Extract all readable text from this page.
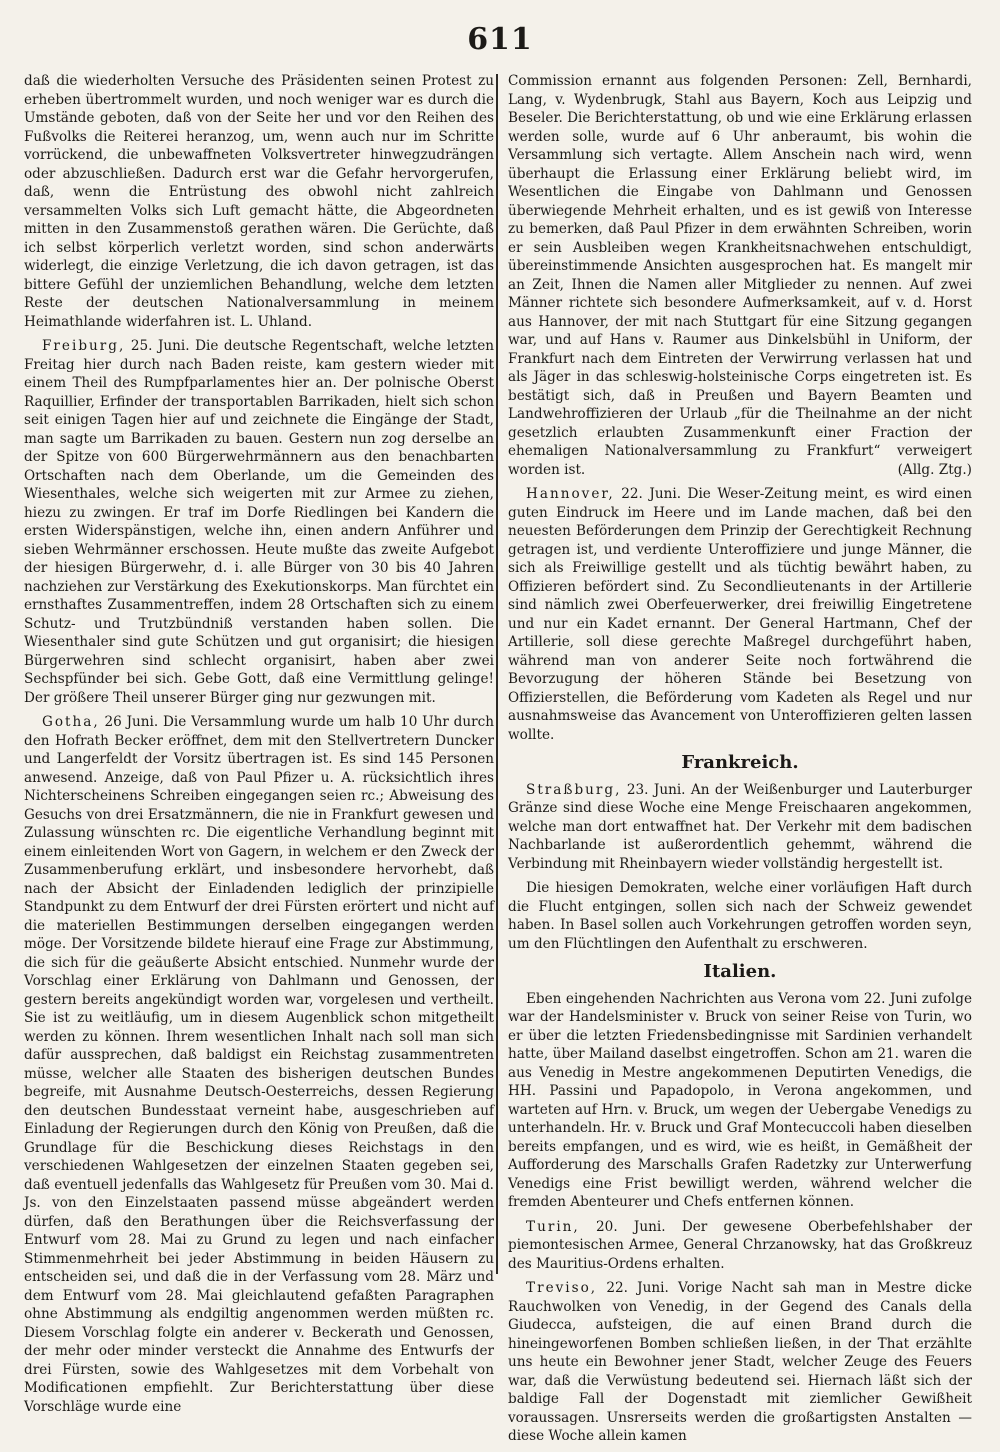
611

daß die wiederholten Versuche des Präsidenten seinen Protest zu erheben übertrommelt wurden, und noch weniger war es durch die Umstände geboten, daß von der Seite her und vor den Reihen des Fußvolks die Reiterei heranzog, um, wenn auch nur im Schritte vorrückend, die unbewaffneten Volksvertreter hinwegzudrängen oder abzuschließen. Dadurch erst war die Gefahr hervorgerufen, daß, wenn die Entrüstung des obwohl nicht zahlreich versammelten Volks sich Luft gemacht hätte, die Abgeordneten mitten in den Zusammenstoß gerathen wären. Die Gerüchte, daß ich selbst körperlich verletzt worden, sind schon anderwärts widerlegt, die einzige Verletzung, die ich davon getragen, ist das bittere Gefühl der unziemlichen Behandlung, welche dem letzten Reste der deutschen Nationalversammlung in meinem Heimathlande widerfahren ist. L. Uhland.

Freiburg, 25. Juni. Die deutsche Regentschaft, welche letzten Freitag hier durch nach Baden reiste, kam gestern wieder mit einem Theil des Rumpfparlamentes hier an. Der polnische Oberst Raquillier, Erfinder der transportablen Barrikaden, hielt sich schon seit einigen Tagen hier auf und zeichnete die Eingänge der Stadt, man sagte um Barrikaden zu bauen. Gestern nun zog derselbe an der Spitze von 600 Bürgerwehrmännern aus den benachbarten Ortschaften nach dem Oberlande, um die Gemeinden des Wiesenthales, welche sich weigerten mit zur Armee zu ziehen, hiezu zu zwingen. Er traf im Dorfe Riedlingen bei Kandern die ersten Widerspänstigen, welche ihn, einen andern Anführer und sieben Wehrmänner erschossen. Heute mußte das zweite Aufgebot der hiesigen Bürgerwehr, d. i. alle Bürger von 30 bis 40 Jahren nachziehen zur Verstärkung des Exekutionskorps. Man fürchtet ein ernsthaftes Zusammentreffen, indem 28 Ortschaften sich zu einem Schutz- und Trutzbündniß verstanden haben sollen. Die Wiesenthaler sind gute Schützen und gut organisirt; die hiesigen Bürgerwehren sind schlecht organisirt, haben aber zwei Sechspfünder bei sich. Gebe Gott, daß eine Vermittlung gelinge! Der größere Theil unserer Bürger ging nur gezwungen mit.

Gotha, 26 Juni. Die Versammlung wurde um halb 10 Uhr durch den Hofrath Becker eröffnet, dem mit den Stellvertretern Duncker und Langerfeldt der Vorsitz übertragen ist. Es sind 145 Personen anwesend. Anzeige, daß von Paul Pfizer u. A. rücksichtlich ihres Nichterscheinens Schreiben eingegangen seien rc.; Abweisung des Gesuchs von drei Ersatzmännern, die nie in Frankfurt gewesen und Zulassung wünschten rc. Die eigentliche Verhandlung beginnt mit einem einleitenden Wort von Gagern, in welchem er den Zweck der Zusammenberufung erklärt, und insbesondere hervorhebt, daß nach der Absicht der Einladenden lediglich der prinzipielle Standpunkt zu dem Entwurf der drei Fürsten erörtert und nicht auf die materiellen Bestimmungen derselben eingegangen werden möge. Der Vorsitzende bildete hierauf eine Frage zur Abstimmung, die sich für die geäußerte Absicht entschied. Nunmehr wurde der Vorschlag einer Erklärung von Dahlmann und Genossen, der gestern bereits angekündigt worden war, vorgelesen und vertheilt. Sie ist zu weitläufig, um in diesem Augenblick schon mitgetheilt werden zu können. Ihrem wesentlichen Inhalt nach soll man sich dafür aussprechen, daß baldigst ein Reichstag zusammentreten müsse, welcher alle Staaten des bisherigen deutschen Bundes begreife, mit Ausnahme Deutsch-Oesterreichs, dessen Regierung den deutschen Bundesstaat verneint habe, ausgeschrieben auf Einladung der Regierungen durch den König von Preußen, daß die Grundlage für die Beschickung dieses Reichstags in den verschiedenen Wahlgesetzen der einzelnen Staaten gegeben sei, daß eventuell jedenfalls das Wahlgesetz für Preußen vom 30. Mai d. Js. von den Einzelstaaten passend müsse abgeändert werden dürfen, daß den Berathungen über die Reichsverfassung der Entwurf vom 28. Mai zu Grund zu legen und nach einfacher Stimmenmehrheit bei jeder Abstimmung in beiden Häusern zu entscheiden sei, und daß die in der Verfassung vom 28. März und dem Entwurf vom 28. Mai gleichlautend gefaßten Paragraphen ohne Abstimmung als endgiltig angenommen werden müßten rc. Diesem Vorschlag folgte ein anderer v. Beckerath und Genossen, der mehr oder minder versteckt die Annahme des Entwurfs der drei Fürsten, sowie des Wahlgesetzes mit dem Vorbehalt von Modificationen empfiehlt. Zur Berichterstattung über diese Vorschläge wurde eine

Commission ernannt aus folgenden Personen: Zell, Bernhardi, Lang, v. Wydenbrugk, Stahl aus Bayern, Koch aus Leipzig und Beseler. Die Berichterstattung, ob und wie eine Erklärung erlassen werden solle, wurde auf 6 Uhr anberaumt, bis wohin die Versammlung sich vertagte. Allem Anschein nach wird, wenn überhaupt die Erlassung einer Erklärung beliebt wird, im Wesentlichen die Eingabe von Dahlmann und Genossen überwiegende Mehrheit erhalten, und es ist gewiß von Interesse zu bemerken, daß Paul Pfizer in dem erwähnten Schreiben, worin er sein Ausbleiben wegen Krankheitsnachwehen entschuldigt, übereinstimmende Ansichten ausgesprochen hat. Es mangelt mir an Zeit, Ihnen die Namen aller Mitglieder zu nennen. Auf zwei Männer richtete sich besondere Aufmerksamkeit, auf v. d. Horst aus Hannover, der mit nach Stuttgart für eine Sitzung gegangen war, und auf Hans v. Raumer aus Dinkelsbühl in Uniform, der Frankfurt nach dem Eintreten der Verwirrung verlassen hat und als Jäger in das schleswig-holsteinische Corps eingetreten ist. Es bestätigt sich, daß in Preußen und Bayern Beamten und Landwehroffizieren der Urlaub „für die Theilnahme an der nicht gesetzlich erlaubten Zusammenkunft einer Fraction der ehemaligen Nationalversammlung zu Frankfurt“ verweigert worden ist.	(Allg. Ztg.)

Hannover, 22. Juni. Die Weser-Zeitung meint, es wird einen guten Eindruck im Heere und im Lande machen, daß bei den neuesten Beförderungen dem Prinzip der Gerechtigkeit Rechnung getragen ist, und verdiente Unteroffiziere und junge Männer, die sich als Freiwillige gestellt und als tüchtig bewährt haben, zu Offizieren befördert sind. Zu Secondlieutenants in der Artillerie sind nämlich zwei Oberfeuerwerker, drei freiwillig Eingetretene und nur ein Kadet ernannt. Der General Hartmann, Chef der Artillerie, soll diese gerechte Maßregel durchgeführt haben, während man von anderer Seite noch fortwährend die Bevorzugung der höheren Stände bei Besetzung von Offizierstellen, die Beförderung vom Kadeten als Regel und nur ausnahmsweise das Avancement von Unteroffizieren gelten lassen wollte.

Frankreich.

Straßburg, 23. Juni. An der Weißenburger und Lauterburger Gränze sind diese Woche eine Menge Freischaaren angekommen, welche man dort entwaffnet hat. Der Verkehr mit dem badischen Nachbarlande ist außerordentlich gehemmt, während die Verbindung mit Rheinbayern wieder vollständig hergestellt ist.

Die hiesigen Demokraten, welche einer vorläufigen Haft durch die Flucht entgingen, sollen sich nach der Schweiz gewendet haben. In Basel sollen auch Vorkehrungen getroffen worden seyn, um den Flüchtlingen den Aufenthalt zu erschweren.

Italien.

Eben eingehenden Nachrichten aus Verona vom 22. Juni zufolge war der Handelsminister v. Bruck von seiner Reise von Turin, wo er über die letzten Friedensbedingnisse mit Sardinien verhandelt hatte, über Mailand daselbst eingetroffen. Schon am 21. waren die aus Venedig in Mestre angekommenen Deputirten Venedigs, die HH. Passini und Papadopolo, in Verona angekommen, und warteten auf Hrn. v. Bruck, um wegen der Uebergabe Venedigs zu unterhandeln. Hr. v. Bruck und Graf Montecuccoli haben dieselben bereits empfangen, und es wird, wie es heißt, in Gemäßheit der Aufforderung des Marschalls Grafen Radetzky zur Unterwerfung Venedigs eine Frist bewilligt werden, während welcher die fremden Abenteurer und Chefs entfernen können.

Turin, 20. Juni. Der gewesene Oberbefehlshaber der piemontesischen Armee, General Chrzanowsky, hat das Großkreuz des Mauritius-Ordens erhalten.

Treviso, 22. Juni. Vorige Nacht sah man in Mestre dicke Rauchwolken von Venedig, in der Gegend des Canals della Giudecca, aufsteigen, die auf einen Brand durch die hineingeworfenen Bomben schließen ließen, in der That erzählte uns heute ein Bewohner jener Stadt, welcher Zeuge des Feuers war, daß die Verwüstung bedeutend sei. Hiernach läßt sich der baldige Fall der Dogenstadt mit ziemlicher Gewißheit voraussagen. Unsrerseits werden die großartigsten Anstalten — diese Woche allein kamen
